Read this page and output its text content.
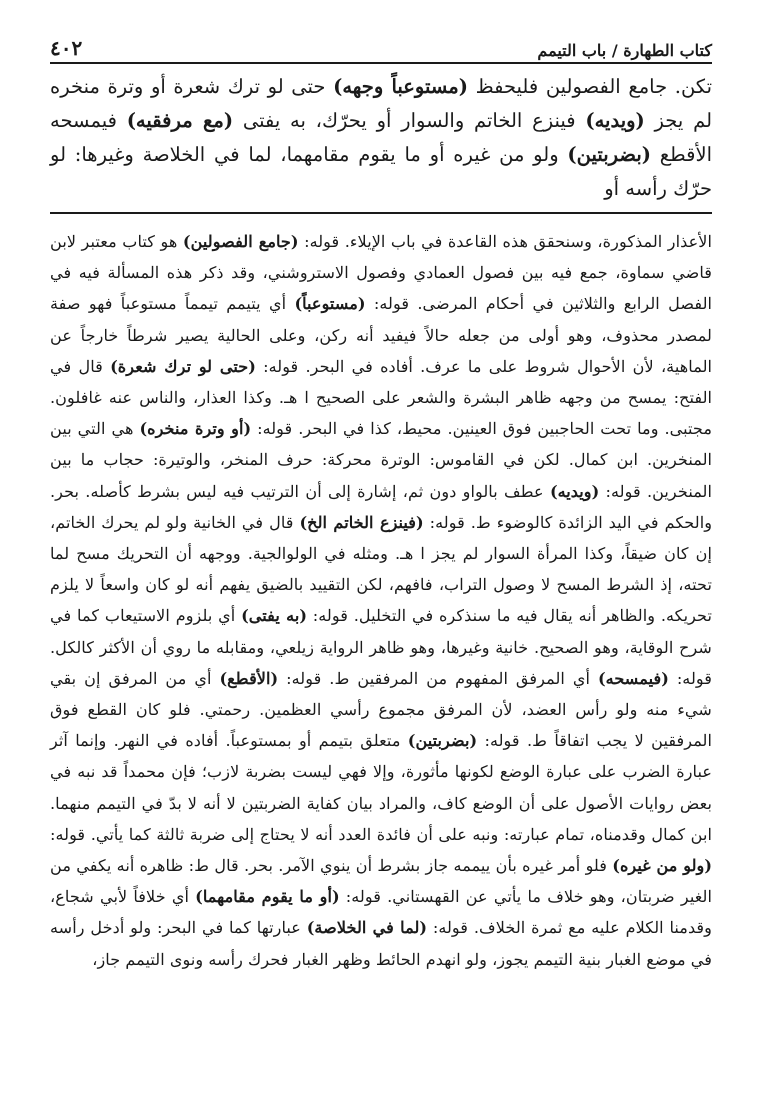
كتاب الطهارة / باب التيمم
٤٠٢

تكن. جامع الفصولين فليحفظ (مستوعباً وجهه) حتى لو ترك شعرة أو وترة منخره لم يجز (ويديه) فينزع الخاتم والسوار أو يحرّك، به يفتى (مع مرفقيه) فيمسحه الأقطع (بضربتين) ولو من غيره أو ما يقوم مقامهما، لما في الخلاصة وغيرها: لو حرّك رأسه أو

الأعذار المذكورة، وسنحقق هذه القاعدة في باب الإيلاء. قوله: (جامع الفصولين) هو كتاب معتبر لابن قاضي سماوة، جمع فيه بين فصول العمادي وفصول الاستروشني، وقد ذكر هذه المسألة فيه في الفصل الرابع والثلاثين في أحكام المرضى. قوله: (مستوعباً) أي يتيمم تيمماً مستوعباً فهو صفة لمصدر محذوف، وهو أولى من جعله حالاً فيفيد أنه ركن، وعلى الحالية يصير شرطاً خارجاً عن الماهية، لأن الأحوال شروط على ما عرف. أفاده في البحر. قوله: (حتى لو ترك شعرة) قال في الفتح: يمسح من وجهه ظاهر البشرة والشعر على الصحيح ا هـ. وكذا العذار، والناس عنه غافلون. مجتبى. وما تحت الحاجبين فوق العينين. محيط، كذا في البحر. قوله: (أو وترة منخره) هي التي بين المنخرين. ابن كمال. لكن في القاموس: الوترة محركة: حرف المنخر، والوتيرة: حجاب ما بين المنخرين. قوله: (ويديه) عطف بالواو دون ثم، إشارة إلى أن الترتيب فيه ليس بشرط كأصله. بحر. والحكم في اليد الزائدة كالوضوء ط. قوله: (فينزع الخاتم الخ) قال في الخانية ولو لم يحرك الخاتم، إن كان ضيقاً، وكذا المرأة السوار لم يجز ا هـ. ومثله في الولوالجية. ووجهه أن التحريك مسح لما تحته، إذ الشرط المسح لا وصول التراب، فافهم، لكن التقييد بالضيق يفهم أنه لو كان واسعاً لا يلزم تحريكه. والظاهر أنه يقال فيه ما سنذكره في التخليل. قوله: (به يفتى) أي بلزوم الاستيعاب كما في شرح الوقاية، وهو الصحيح. خانية وغيرها، وهو ظاهر الرواية زيلعي، ومقابله ما روي أن الأكثر كالكل. قوله: (فيمسحه) أي المرفق المفهوم من المرفقين ط. قوله: (الأقطع) أي من المرفق إن بقي شيء منه ولو رأس العضد، لأن المرفق مجموع رأسي العظمين. رحمتي. فلو كان القطع فوق المرفقين لا يجب اتفاقاً ط. قوله: (بضربتين) متعلق بتيمم أو بمستوعباً. أفاده في النهر. وإنما آثر عبارة الضرب على عبارة الوضع لكونها مأثورة، وإلا فهي ليست بضربة لازب؛ فإن محمداً قد نبه في بعض روايات الأصول على أن الوضع كاف، والمراد بيان كفاية الضربتين لا أنه لا بدّ في التيمم منهما. ابن كمال وقدمناه، تمام عبارته: ونبه على أن فائدة العدد أنه لا يحتاج إلى ضربة ثالثة كما يأتي. قوله: (ولو من غيره) فلو أمر غيره بأن ييممه جاز بشرط أن ينوي الآمر. بحر. قال ط: ظاهره أنه يكفي من الغير ضربتان، وهو خلاف ما يأتي عن القهستاني. قوله: (أو ما يقوم مقامهما) أي خلافاً لأبي شجاع، وقدمنا الكلام عليه مع ثمرة الخلاف. قوله: (لما في الخلاصة) عبارتها كما في البحر: ولو أدخل رأسه في موضع الغبار بنية التيمم يجوز، ولو انهدم الحائط وظهر الغبار فحرك رأسه ونوى التيمم جاز،
